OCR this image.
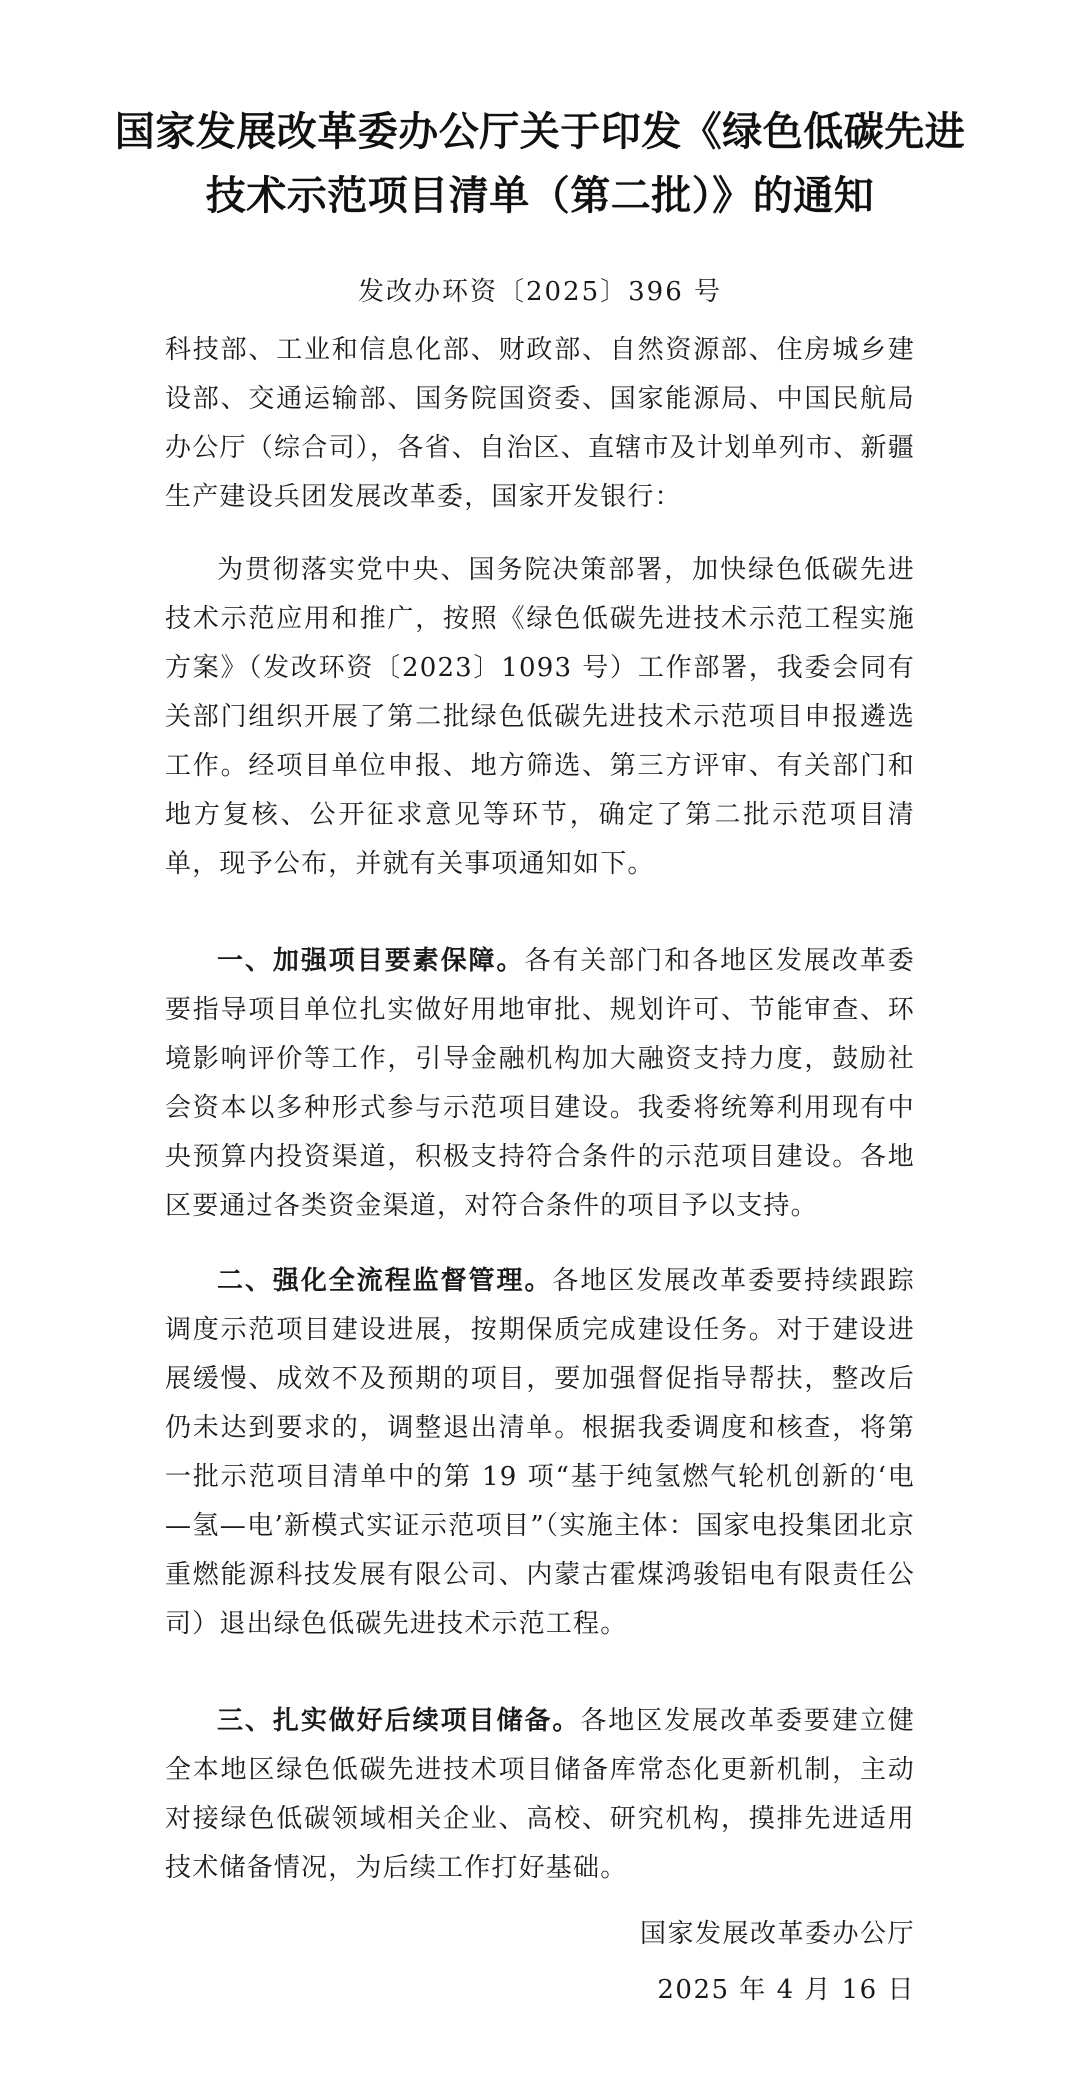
国家发展改革委办公厅关于印发《绿色低碳先进
技术示范项目清单（第二批）》的通知
发改办环资〔2025〕396 号

科技部、工业和信息化部、财政部、自然资源部、住房城乡建设部、交通运输部、国务院国资委、国家能源局、中国民航局办公厅（综合司），各省、自治区、直辖市及计划单列市、新疆生产建设兵团发展改革委，国家开发银行：

为贯彻落实党中央、国务院决策部署，加快绿色低碳先进技术示范应用和推广，按照《绿色低碳先进技术示范工程实施方案》（发改环资〔2023〕1093 号）工作部署，我委会同有关部门组织开展了第二批绿色低碳先进技术示范项目申报遴选工作。经项目单位申报、地方筛选、第三方评审、有关部门和地方复核、公开征求意见等环节，确定了第二批示范项目清单，现予公布，并就有关事项通知如下。

一、加强项目要素保障。各有关部门和各地区发展改革委要指导项目单位扎实做好用地审批、规划许可、节能审查、环境影响评价等工作，引导金融机构加大融资支持力度，鼓励社会资本以多种形式参与示范项目建设。我委将统筹利用现有中央预算内投资渠道，积极支持符合条件的示范项目建设。各地区要通过各类资金渠道，对符合条件的项目予以支持。

二、强化全流程监督管理。各地区发展改革委要持续跟踪调度示范项目建设进展，按期保质完成建设任务。对于建设进展缓慢、成效不及预期的项目，要加强督促指导帮扶，整改后仍未达到要求的，调整退出清单。根据我委调度和核查，将第一批示范项目清单中的第 19 项“基于纯氢燃气轮机创新的‘电—氢—电’新模式实证示范项目”（实施主体：国家电投集团北京重燃能源科技发展有限公司、内蒙古霍煤鸿骏铝电有限责任公司）退出绿色低碳先进技术示范工程。

三、扎实做好后续项目储备。各地区发展改革委要建立健全本地区绿色低碳先进技术项目储备库常态化更新机制，主动对接绿色低碳领域相关企业、高校、研究机构，摸排先进适用技术储备情况，为后续工作打好基础。

国家发展改革委办公厅
2025 年 4 月 16 日
